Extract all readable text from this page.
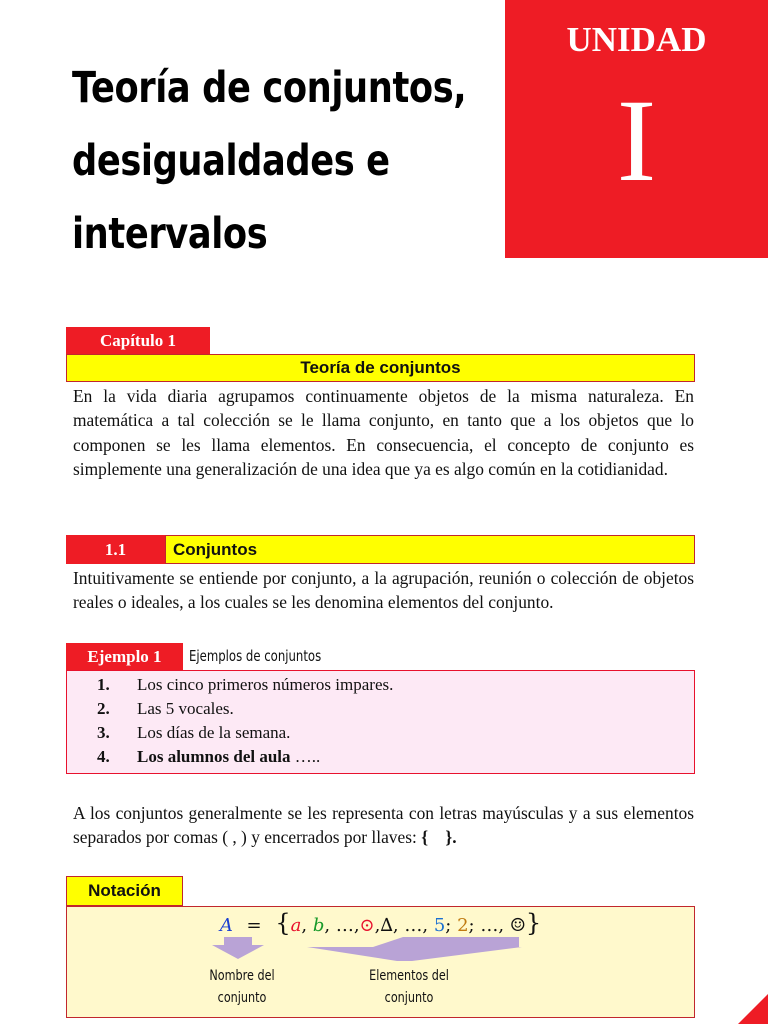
Teoría de conjuntos,
desigualdades e
intervalos
UNIDAD
I
Capítulo 1
Teoría de conjuntos
En la vida diaria agrupamos continuamente objetos de la misma naturaleza. En matemática a tal colección se le llama conjunto, en tanto que a los objetos que lo componen se les llama elementos. En consecuencia, el concepto de conjunto es simplemente una generalización de una idea que ya es algo común en la cotidianidad.
1.1	Conjuntos
Intuitivamente se entiende por conjunto, a la agrupación, reunión o colección de objetos reales o ideales, a los cuales se les denomina elementos del conjunto.
Ejemplo 1	Ejemplos de conjuntos
1. Los cinco primeros números impares.
2. Las 5 vocales.
3. Los días de la semana.
4. Los alumnos del aula …..
A los conjuntos generalmente se les representa con letras mayúsculas y a sus elementos separados por comas ( , ) y encerrados por llaves: {    }.
Notación
A = {a, b, …,⊙,∆, …, 5; 2; …, ☺}
Nombre del
conjunto
Elementos del
conjunto
